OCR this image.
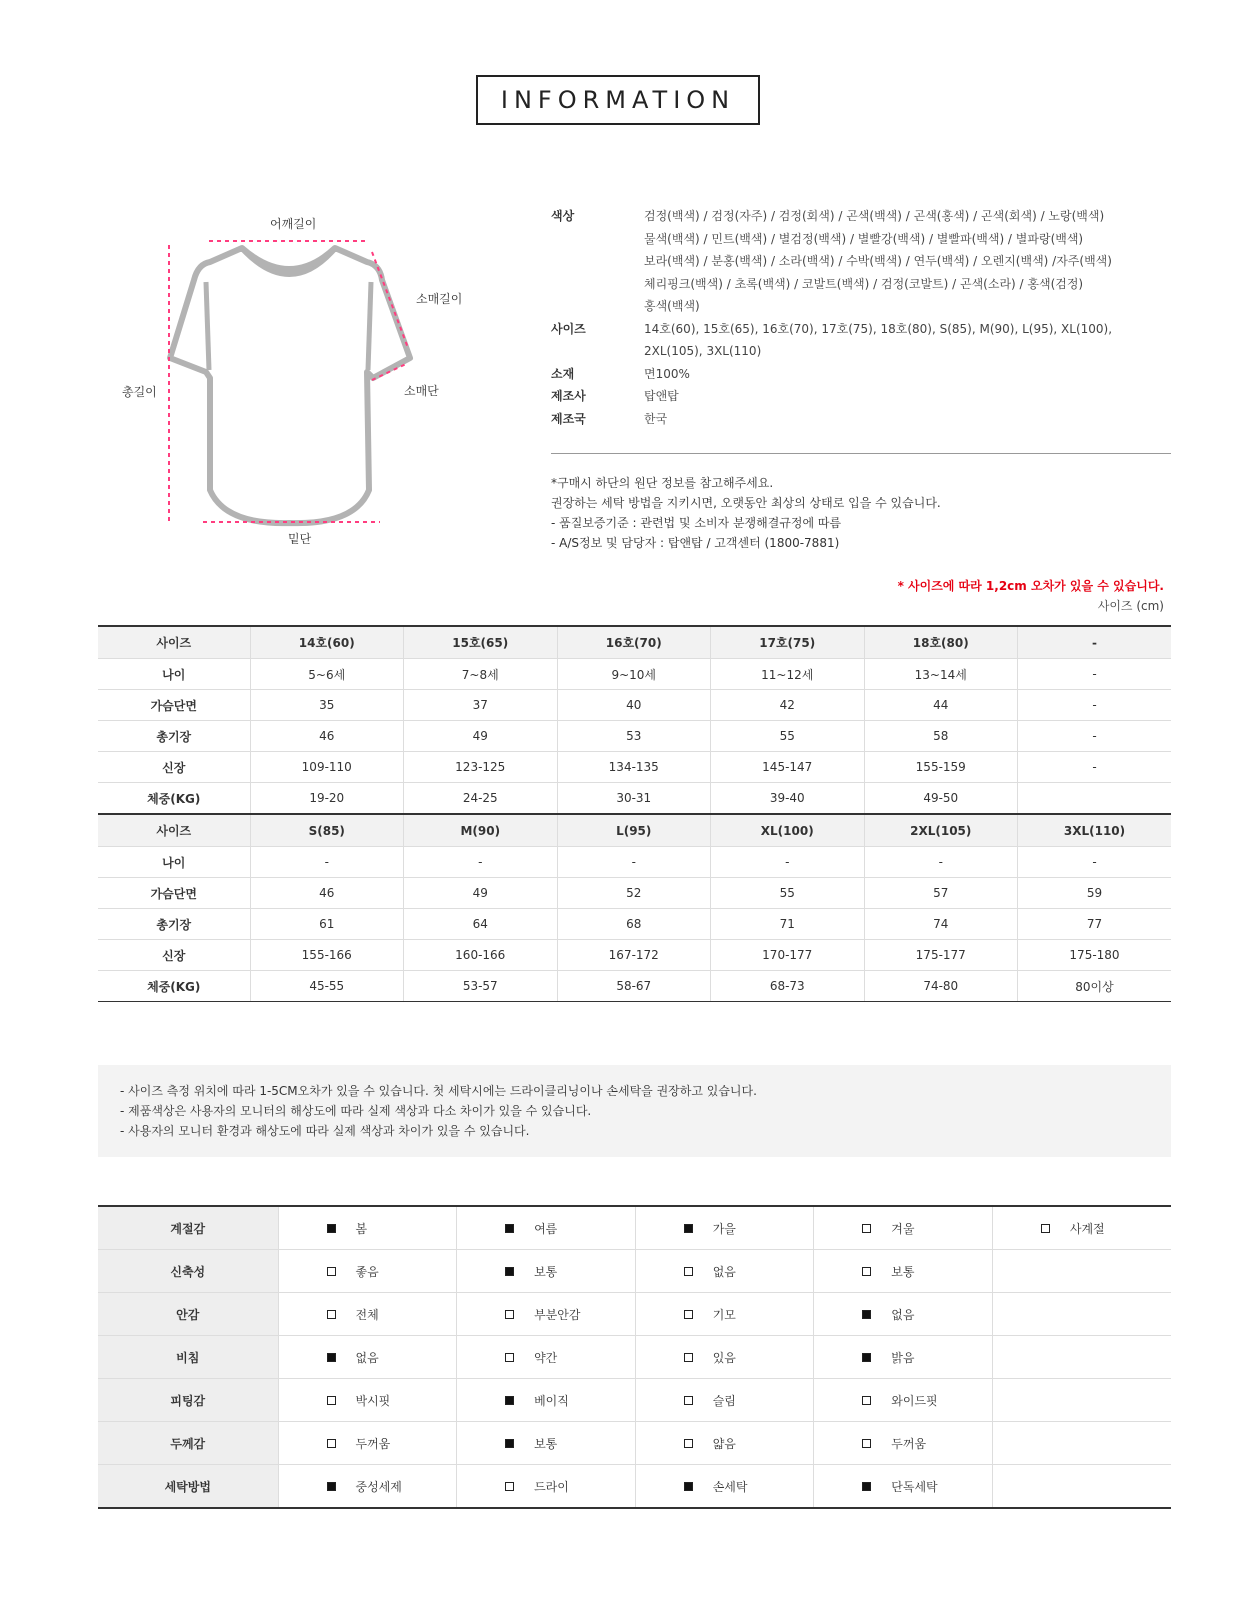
INFORMATION
어깨길이
소매길이
총길이	소매단
밑단
색상	검정(백색) / 검정(자주) / 검정(회색) / 곤색(백색) / 곤색(홍색) / 곤색(회색) / 노랑(백색)
물색(백색) / 민트(백색) / 별검정(백색) / 별빨강(백색) / 별빨파(백색) / 별파랑(백색)
보라(백색) / 분홍(백색) / 소라(백색) / 수박(백색) / 연두(백색) / 오렌지(백색) /자주(백색)
체리핑크(백색) / 초록(백색) / 코발트(백색) / 검정(코발트) / 곤색(소라) / 홍색(검정)
홍색(백색)
사이즈	14호(60), 15호(65), 16호(70), 17호(75), 18호(80), S(85), M(90), L(95), XL(100),
2XL(105), 3XL(110)
소재	면100%
제조사	탑앤탑
제조국	한국
*구매시 하단의 원단 정보를 참고해주세요.
권장하는 세탁 방법을 지키시면, 오랫동안 최상의 상태로 입을 수 있습니다.
- 품질보증기준 : 관련법 및 소비자 분쟁해결규정에 따름
- A/S정보 및 담당자 : 탑앤탑 / 고객센터 (1800-7881)
* 사이즈에 따라 1,2cm 오차가 있을 수 있습니다.
사이즈 (cm)
사이즈	14호(60)	15호(65)	16호(70)	17호(75)	18호(80)	-
나이	5~6세	7~8세	9~10세	11~12세	13~14세	-
가슴단면	35	37	40	42	44	-
총기장	46	49	53	55	58	-
신장	109-110	123-125	134-135	145-147	155-159	-
체중(KG)	19-20	24-25	30-31	39-40	49-50	
사이즈	S(85)	M(90)	L(95)	XL(100)	2XL(105)	3XL(110)
나이	-	-	-	-	-	-
가슴단면	46	49	52	55	57	59
총기장	61	64	68	71	74	77
신장	155-166	160-166	167-172	170-177	175-177	175-180
체중(KG)	45-55	53-57	58-67	68-73	74-80	80이상
- 사이즈 측정 위치에 따라 1-5CM오차가 있을 수 있습니다. 첫 세탁시에는 드라이클리닝이나 손세탁을 권장하고 있습니다.
- 제품색상은 사용자의 모니터의 해상도에 따라 실제 색상과 다소 차이가 있을 수 있습니다.
- 사용자의 모니터 환경과 해상도에 따라 실제 색상과 차이가 있을 수 있습니다.
계절감	봄	여름	가을	겨울	사계절

신축성	좋음	보통	없음	보통	

안감	전체	부분안감	기모	없음	

비침	없음	약간	있음	밝음	

피팅감	박시핏	베이직	슬림	와이드핏	

두께감	두꺼움	보통	얇음	두꺼움	

세탁방법	중성세제	드라이	손세탁	단독세탁	
